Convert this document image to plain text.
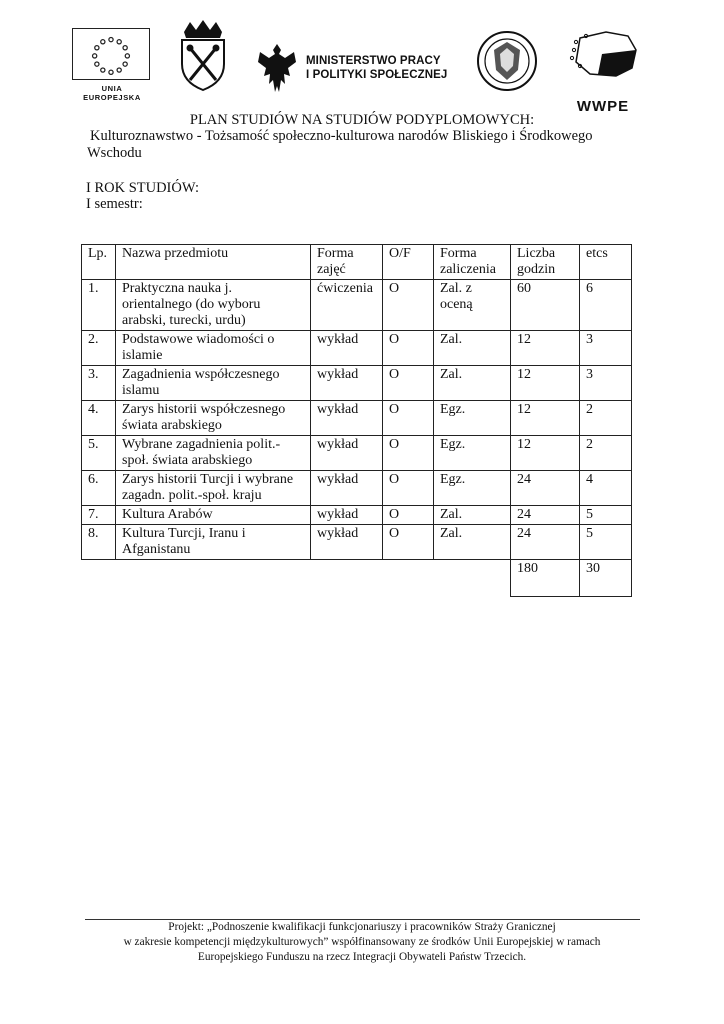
UNIA EUROPEJSKA
MINISTERSTWO PRACY
I POLITYKI SPOŁECZNEJ
WWPE
PLAN STUDIÓW NA STUDIÓW PODYPLOMOWYCH:
Kulturoznawstwo - Tożsamość społeczno-kulturowa narodów Bliskiego i Środkowego Wschodu
I ROK STUDIÓW:
I semestr:
Lp.	Nazwa przedmiotu	Forma zajęć	O/F	Forma zaliczenia	Liczba godzin	etcs
1.	Praktyczna nauka j. orientalnego (do wyboru arabski, turecki, urdu)	ćwiczenia	O	Zal. z oceną	60	6
2.	Podstawowe wiadomości o islamie	wykład	O	Zal.	12	3
3.	Zagadnienia współczesnego islamu	wykład	O	Zal.	12	3
4.	Zarys historii współczesnego świata arabskiego	wykład	O	Egz.	12	2
5.	Wybrane zagadnienia polit.-społ. świata arabskiego	wykład	O	Egz.	12	2
6.	Zarys historii Turcji i wybrane zagadn. polit.-społ. kraju	wykład	O	Egz.	24	4
7.	Kultura Arabów	wykład	O	Zal.	24	5
8.	Kultura Turcji, Iranu i Afganistanu	wykład	O	Zal.	24	5
					180	30
Projekt: „Podnoszenie kwalifikacji funkcjonariuszy i pracowników Straży Granicznej
w zakresie kompetencji międzykulturowych” współfinansowany ze środków Unii Europejskiej w ramach
Europejskiego Funduszu na rzecz Integracji Obywateli Państw Trzecich.
